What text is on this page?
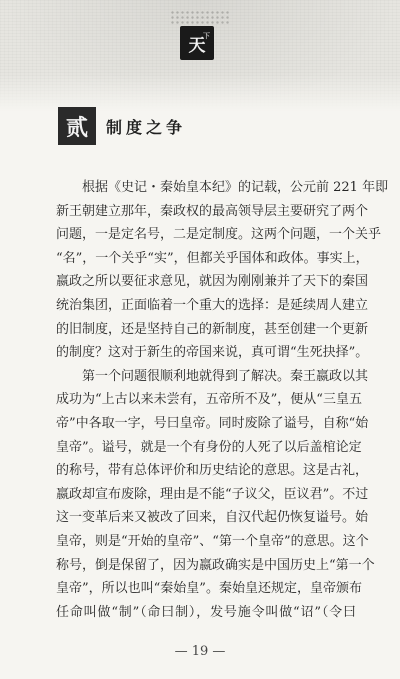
天
下
贰	制度之争
根据《史记・秦始皇本纪》的记载，公元前 221 年即
新王朝建立那年，秦政权的最高领导层主要研究了两个
问题，一是定名号，二是定制度。这两个问题，一个关乎
“名”，一个关乎“实”，但都关乎国体和政体。事实上，
嬴政之所以要征求意见，就因为刚刚兼并了天下的秦国
统治集团，正面临着一个重大的选择：是延续周人建立
的旧制度，还是坚持自己的新制度，甚至创建一个更新
的制度？这对于新生的帝国来说，真可谓“生死抉择”。
第一个问题很顺利地就得到了解决。秦王嬴政以其
成功为“上古以来未尝有，五帝所不及”，便从“三皇五
帝”中各取一字，号曰皇帝。同时废除了谥号，自称“始
皇帝”。谥号，就是一个有身份的人死了以后盖棺论定
的称号，带有总体评价和历史结论的意思。这是古礼，
嬴政却宣布废除，理由是不能“子议父，臣议君”。不过
这一变革后来又被改了回来，自汉代起仍恢复谥号。始
皇帝，则是“开始的皇帝”、“第一个皇帝”的意思。这个
称号，倒是保留了，因为嬴政确实是中国历史上“第一个
皇帝”，所以也叫“秦始皇”。秦始皇还规定，皇帝颁布
任命叫做“制”（命曰制），发号施令叫做“诏”（令曰
— 19 —
